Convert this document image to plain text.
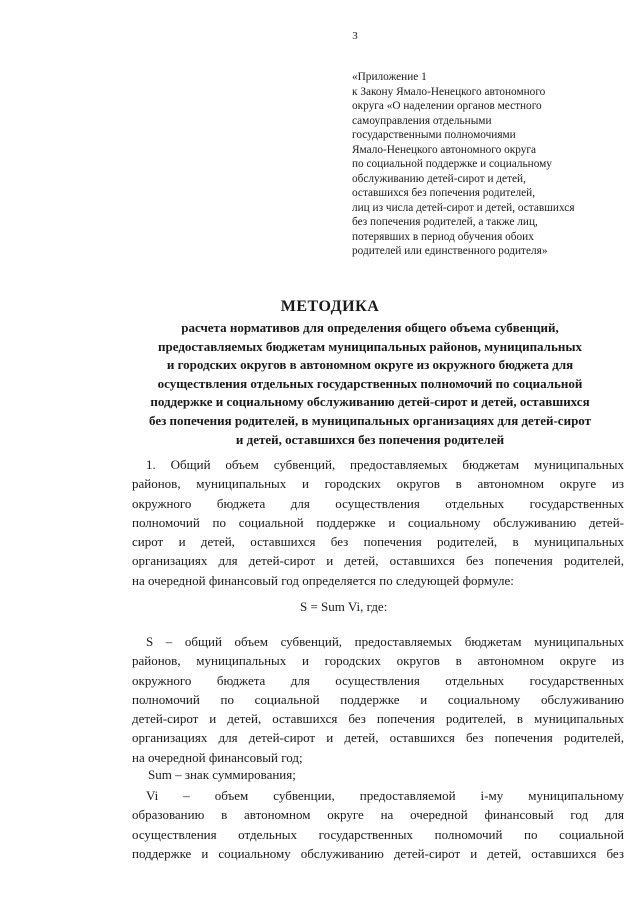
3
«Приложение 1
к Закону Ямало-Ненецкого автономного
округа «О наделении органов местного
самоуправления отдельными
государственными полномочиями
Ямало-Ненецкого автономного округа
по социальной поддержке и социальному
обслуживанию детей-сирот и детей,
оставшихся без попечения родителей,
лиц из числа детей-сирот и детей, оставшихся
без попечения родителей, а также лиц,
потерявших в период обучения обоих
родителей или единственного родителя»
МЕТОДИКА
расчета нормативов для определения общего объема субвенций,
предоставляемых бюджетам муниципальных районов, муниципальных
и городских округов в автономном округе из окружного бюджета для
осуществления отдельных государственных полномочий по социальной
поддержке и социальному обслуживанию детей-сирот и детей, оставшихся
без попечения родителей, в муниципальных организациях для детей-сирот
и детей, оставшихся без попечения родителей
1. Общий объем субвенций, предоставляемых бюджетам муниципальных
районов, муниципальных и городских округов в автономном округе из
окружного бюджета для осуществления отдельных государственных
полномочий по социальной поддержке и социальному обслуживанию детей-
сирот и детей, оставшихся без попечения родителей, в муниципальных
организациях для детей-сирот и детей, оставшихся без попечения родителей,
на очередной финансовый год определяется по следующей формуле:
S = Sum Vi, где:
S – общий объем субвенций, предоставляемых бюджетам муниципальных
районов, муниципальных и городских округов в автономном округе из
окружного бюджета для осуществления отдельных государственных
полномочий по социальной поддержке и социальному обслуживанию
детей-сирот и детей, оставшихся без попечения родителей, в муниципальных
организациях для детей-сирот и детей, оставшихся без попечения родителей,
на очередной финансовый год;
Sum – знак суммирования;
Vi – объем субвенции, предоставляемой i-му муниципальному
образованию в автономном округе на очередной финансовый год для
осуществления отдельных государственных полномочий по социальной
поддержке и социальному обслуживанию детей-сирот и детей, оставшихся без
